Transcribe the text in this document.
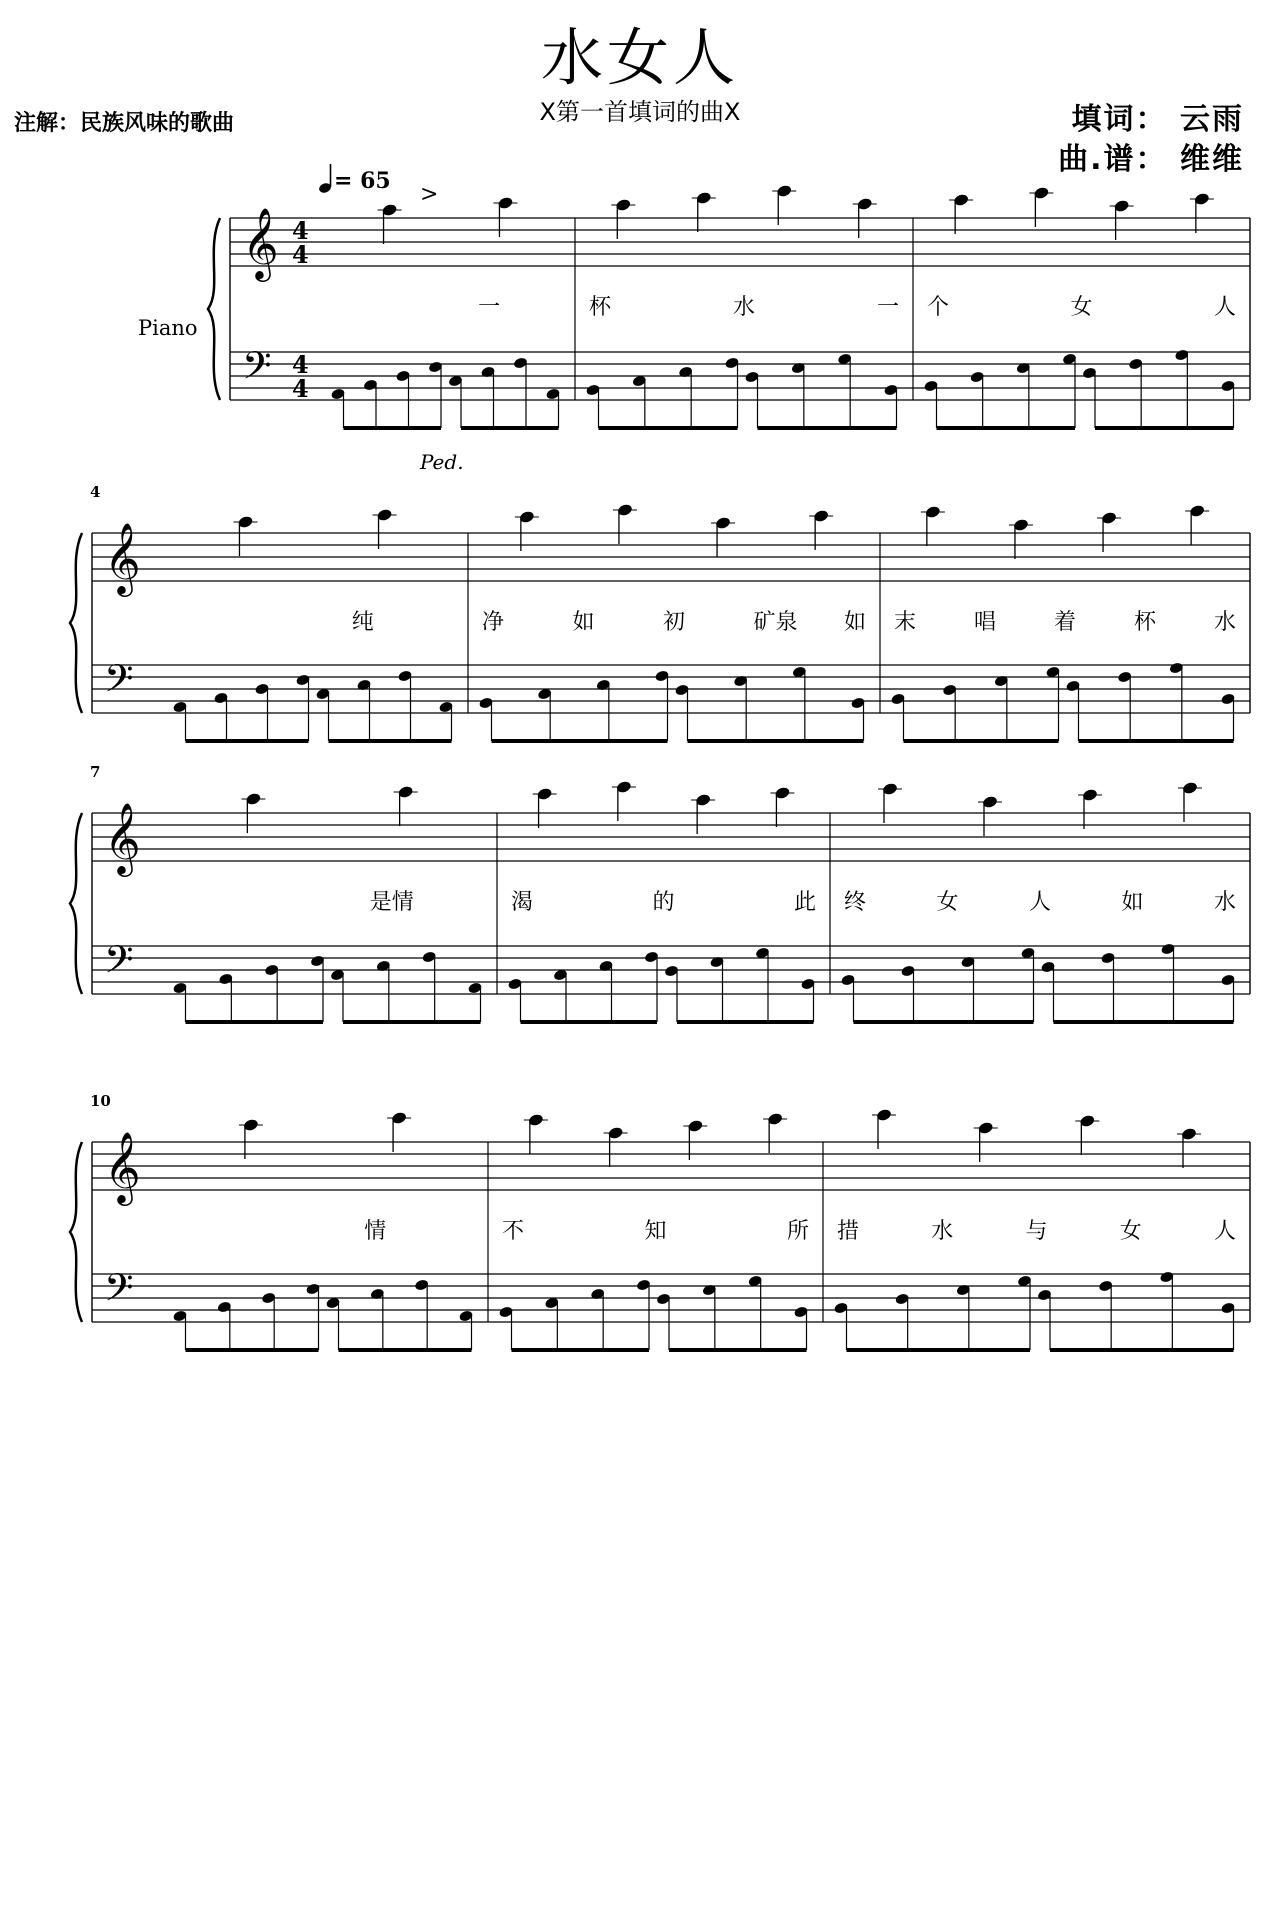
水女人
X第一首填词的曲X
注解：民族风味的歌曲	填词： 云雨
曲.谱： 维维
= 65
>
Piano
Ped.
𝄞
𝄢
4
4
4
4
𝄞
𝄢
4
𝄞
𝄢
7
𝄞
𝄢
10
一	杯	水	一 个	女	人
纯	净	如	初	矿泉 如 末	唱	着	杯	水
是情	渴	的	此 终	女	人	如	水
情	不	知	所 措	水	与	女	人
